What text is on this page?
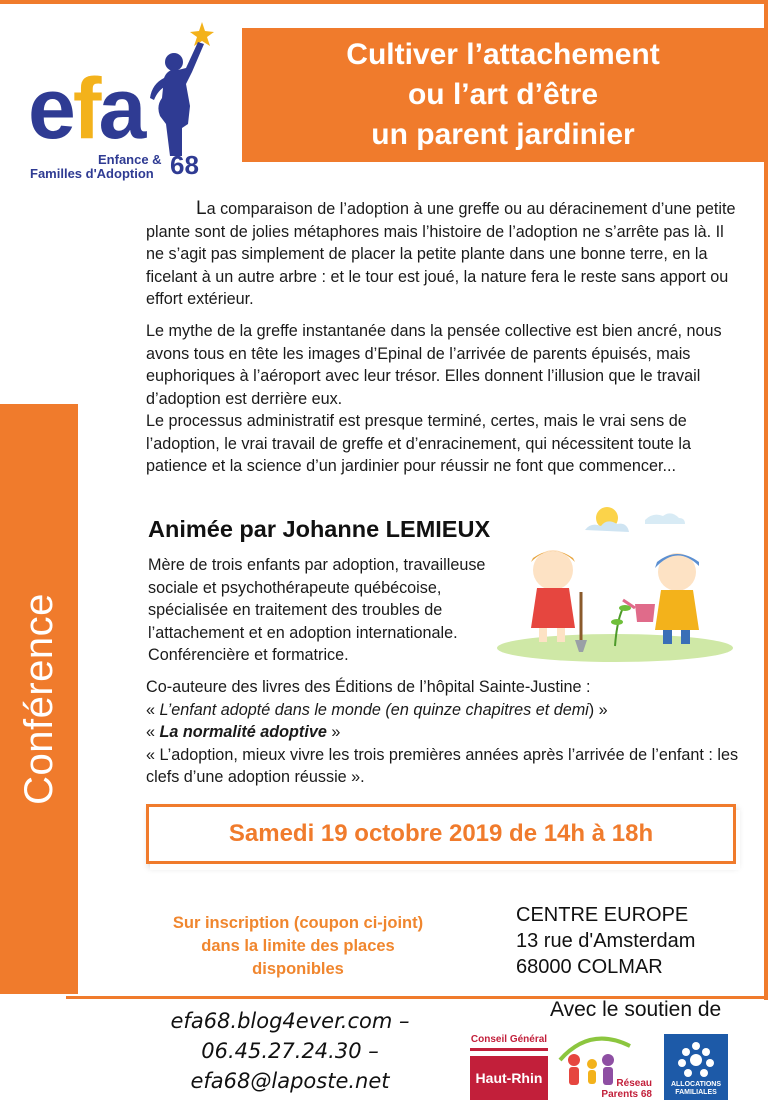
efa
Enfance &
Familles d'Adoption 68
Cultiver l’attachement
ou l’art d’être
un parent jardinier
Conférence
La comparaison de l’adoption à une greffe ou au déracinement d’une petite plante sont de jolies métaphores mais l’histoire de l’adoption ne s’arrête pas là. Il ne s’agit pas simplement de placer la petite plante dans une bonne terre, en la ficelant à un autre arbre : et le tour est joué, la nature fera le reste sans apport ou effort extérieur.
Le mythe de la greffe instantanée dans la pensée collective est bien ancré, nous avons tous en tête les images d’Epinal de l’arrivée de parents épuisés, mais euphoriques à l’aéroport avec leur trésor. Elles donnent l’illusion que le travail d’adoption est derrière eux.
Le processus administratif est presque terminé, certes, mais le vrai sens de l’adoption, le vrai travail de greffe et d’enracinement, qui nécessitent toute la patience et la science d’un jardinier pour réussir ne font que commencer...
Animée par Johanne LEMIEUX
Mère de trois enfants par adoption, travailleuse sociale et psychothérapeute québécoise, spécialisée en traitement des troubles de l’attachement et en adoption internationale. Conférencière et formatrice.
Co-auteure des livres des Éditions de l’hôpital Sainte-Justine :
« L’enfant adopté dans le monde (en quinze chapitres et demi) »
« La normalité adoptive »
« L’adoption, mieux vivre les trois premières années après l’arrivée de l’enfant : les clefs d’une adoption réussie ».
Samedi 19 octobre 2019 de 14h à 18h
Sur inscription (coupon ci-joint)
dans la limite des places
disponibles
CENTRE EUROPE
13 rue d'Amsterdam
68000 COLMAR
efa68.blog4ever.com –
06.45.27.24.30 –
efa68@laposte.net
Avec le soutien de
Conseil Général
Haut-Rhin	Réseau
Parents 68
ALLOCATIONS
FAMILIALES
